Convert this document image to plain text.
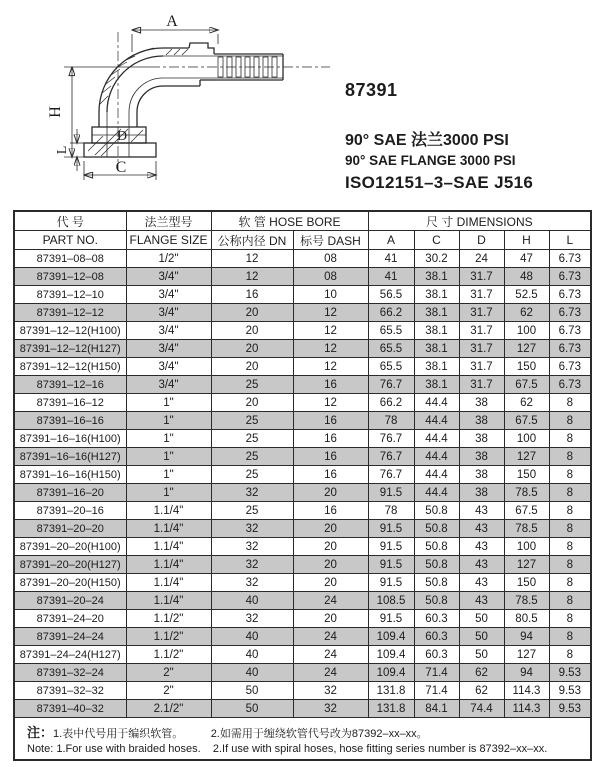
A
H
L
C
D
87391
90° SAE 法兰3000 PSI
90° SAE FLANGE 3000 PSI
ISO12151–3–SAE J516
代 号	法兰型号	软 管 HOSE BORE		尺 寸 DIMENSIONS				
PART NO.	FLANGE SIZE	公称内径 DN	标号 DASH	A	C	D	H	L
87391–08–08	1/2"	12	08	41	30.2	24	47	6.73
87391–12–08	3/4"	12	08	41	38.1	31.7	48	6.73
87391–12–10	3/4"	16	10	56.5	38.1	31.7	52.5	6.73
87391–12–12	3/4"	20	12	66.2	38.1	31.7	62	6.73
87391–12–12(H100)	3/4"	20	12	65.5	38.1	31.7	100	6.73
87391–12–12(H127)	3/4"	20	12	65.5	38.1	31.7	127	6.73
87391–12–12(H150)	3/4"	20	12	65.5	38.1	31.7	150	6.73
87391–12–16	3/4"	25	16	76.7	38.1	31.7	67.5	6.73
87391–16–12	1"	20	12	66.2	44.4	38	62	8
87391–16–16	1"	25	16	78	44.4	38	67.5	8
87391–16–16(H100)	1"	25	16	76.7	44.4	38	100	8
87391–16–16(H127)	1"	25	16	76.7	44.4	38	127	8
87391–16–16(H150)	1"	25	16	76.7	44.4	38	150	8
87391–16–20	1"	32	20	91.5	44.4	38	78.5	8
87391–20–16	1.1/4"	25	16	78	50.8	43	67.5	8
87391–20–20	1.1/4"	32	20	91.5	50.8	43	78.5	8
87391–20–20(H100)	1.1/4"	32	20	91.5	50.8	43	100	8
87391–20–20(H127)	1.1/4"	32	20	91.5	50.8	43	127	8
87391–20–20(H150)	1.1/4"	32	20	91.5	50.8	43	150	8
87391–20–24	1.1/4"	40	24	108.5	50.8	43	78.5	8
87391–24–20	1.1/2"	32	20	91.5	60.3	50	80.5	8
87391–24–24	1.1/2"	40	24	109.4	60.3	50	94	8
87391–24–24(H127)	1.1/2"	40	24	109.4	60.3	50	127	8
87391–32–24	2"	40	24	109.4	71.4	62	94	9.53
87391–32–32	2"	50	32	131.8	71.4	62	114.3	9.53
87391–40–32	2.1/2"	50	32	131.8	84.1	74.4	114.3	9.53

注：1.表中代号用于编织软管。　　　2.如需用于缠绕软管代号改为87392–xx–xx。
Note: 1.For use with braided hoses.    2.If use with spiral hoses, hose fitting series number is 87392–xx–xx.								
